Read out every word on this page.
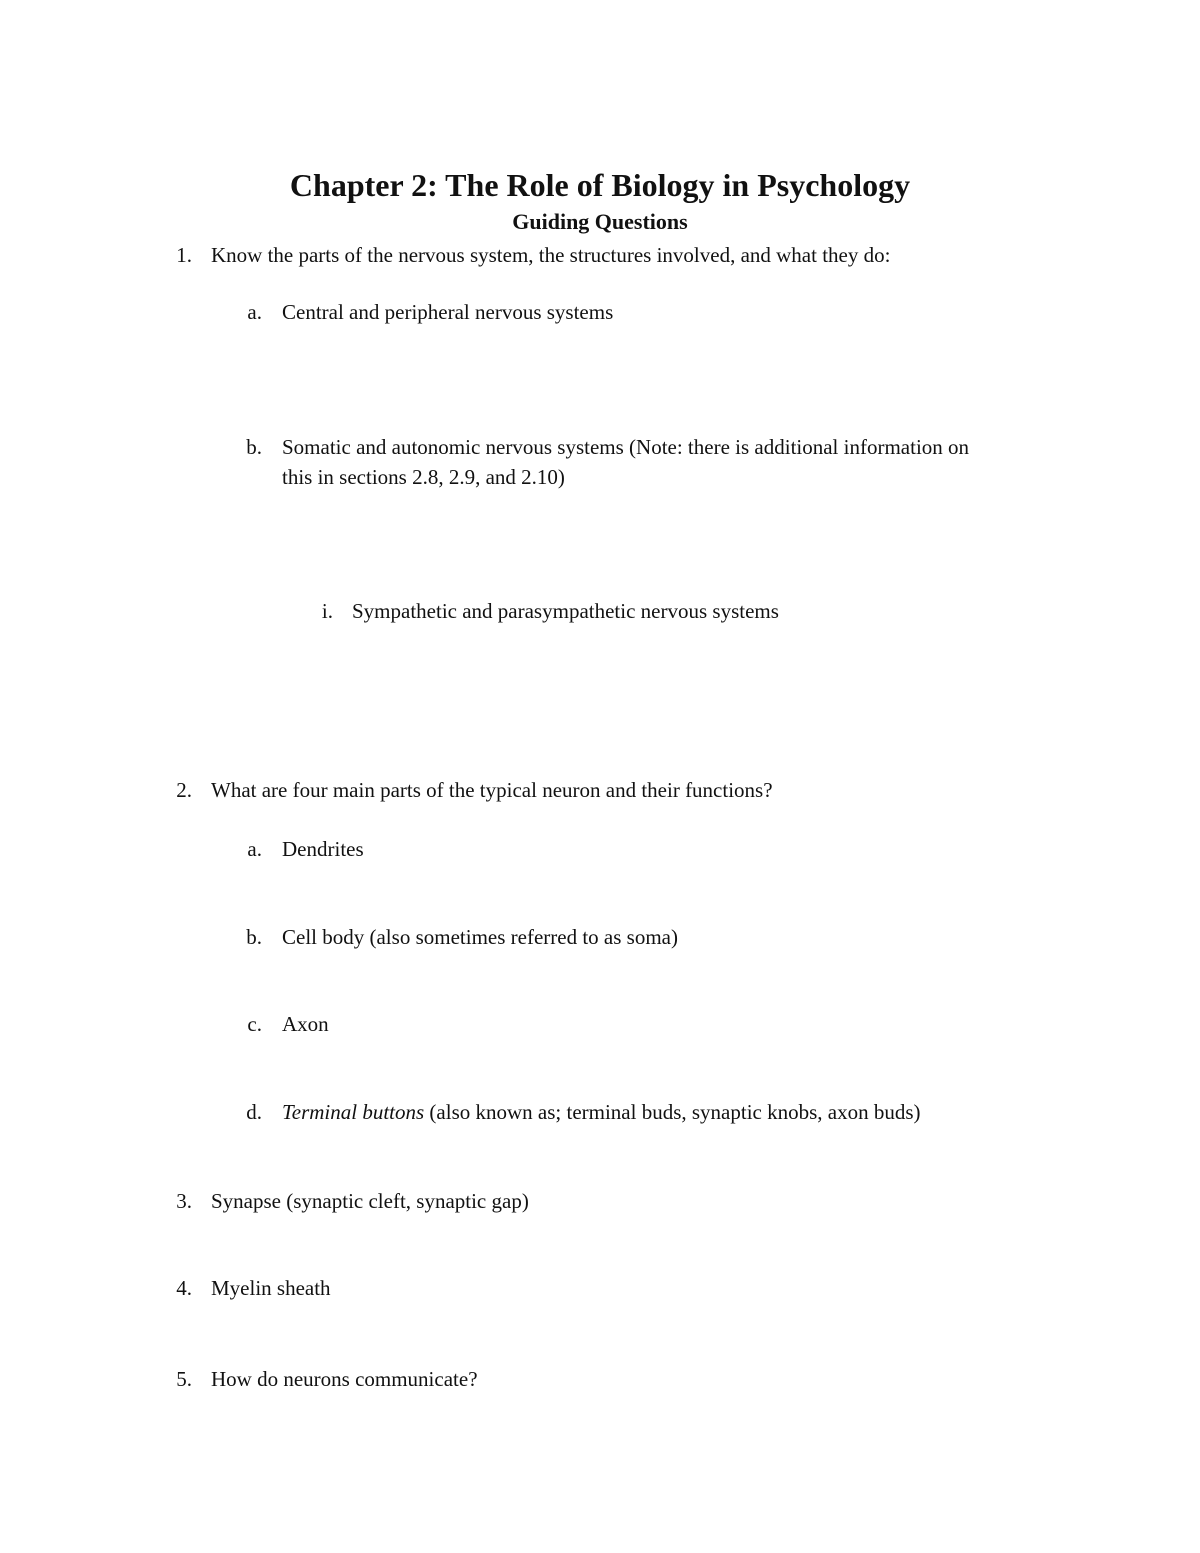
Chapter 2: The Role of Biology in Psychology
Guiding Questions
1. Know the parts of the nervous system, the structures involved, and what they do:
a. Central and peripheral nervous systems
b. Somatic and autonomic nervous systems (Note: there is additional information on
this in sections 2.8, 2.9, and 2.10)
i. Sympathetic and parasympathetic nervous systems
2. What are four main parts of the typical neuron and their functions?
a. Dendrites
b. Cell body (also sometimes referred to as soma)
c. Axon
d. Terminal buttons (also known as; terminal buds, synaptic knobs, axon buds)
3. Synapse (synaptic cleft, synaptic gap)
4. Myelin sheath
5. How do neurons communicate?
